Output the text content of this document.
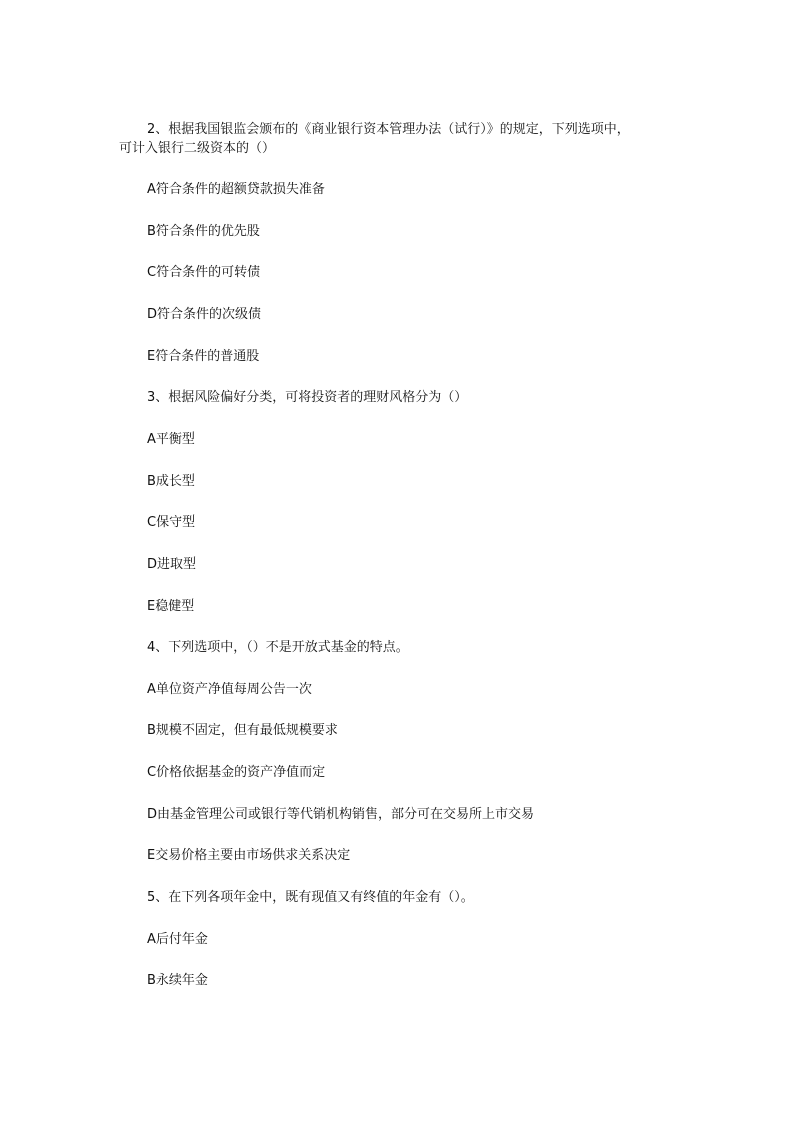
2、根据我国银监会颁布的《商业银行资本管理办法（试行）》的规定，下列选项中，
可计入银行二级资本的（）
A符合条件的超额贷款损失准备
B符合条件的优先股
C符合条件的可转债
D符合条件的次级债
E符合条件的普通股
3、根据风险偏好分类，可将投资者的理财风格分为（）
A平衡型
B成长型
C保守型
D进取型
E稳健型
4、下列选项中，（）不是开放式基金的特点。
A单位资产净值每周公告一次
B规模不固定，但有最低规模要求
C价格依据基金的资产净值而定
D由基金管理公司或银行等代销机构销售，部分可在交易所上市交易
E交易价格主要由市场供求关系决定
5、在下列各项年金中，既有现值又有终值的年金有（）。
A后付年金
B永续年金
